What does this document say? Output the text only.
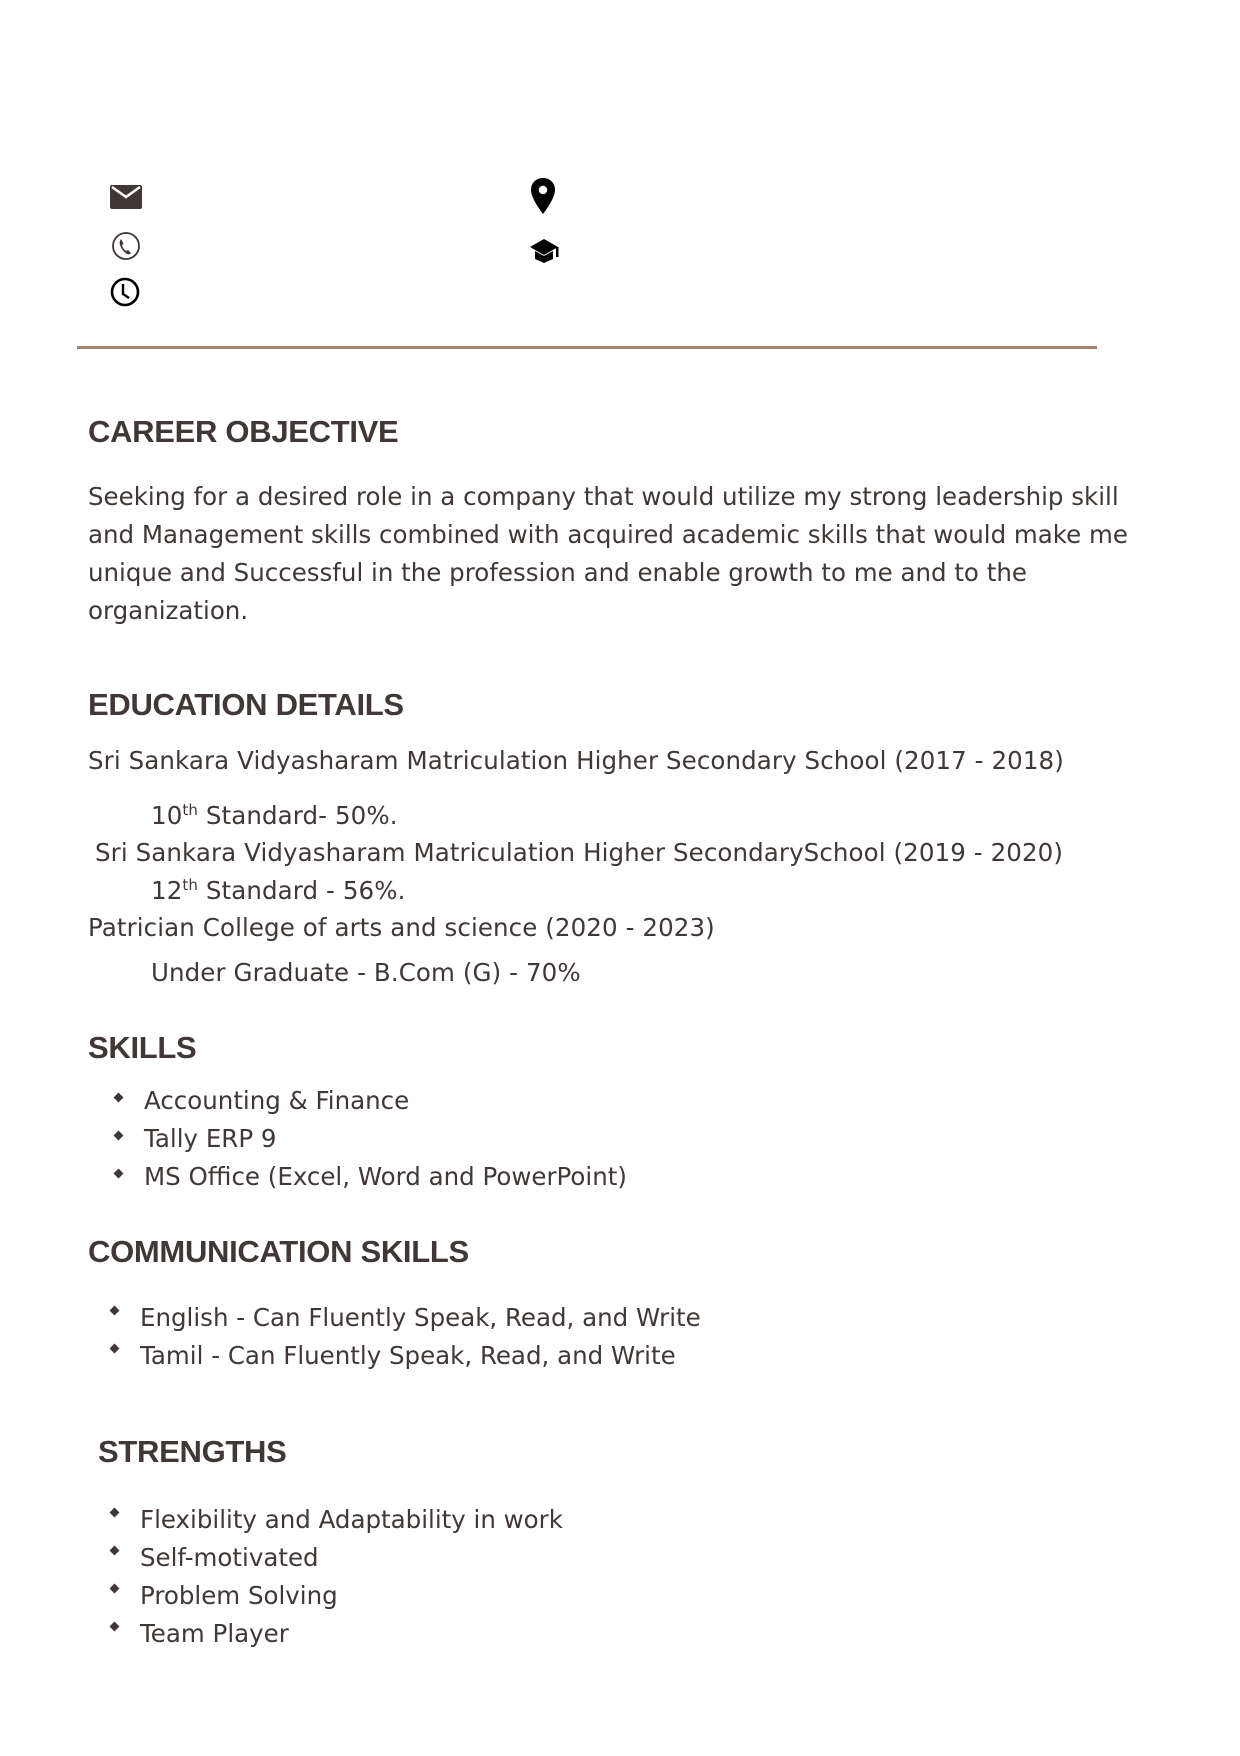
CAREER OBJECTIVE
Seeking for a desired role in a company that would utilize my strong leadership skill
and Management skills combined with acquired academic skills that would make me
unique and Successful in the profession and enable growth to me and to the
organization.
EDUCATION DETAILS
Sri Sankara Vidyasharam Matriculation Higher Secondary School (2017 - 2018)
10th Standard- 50%.
Sri Sankara Vidyasharam Matriculation Higher SecondarySchool (2019 - 2020)
12th Standard - 56%.
Patrician College of arts and science (2020 - 2023)
Under Graduate - B.Com (G) - 70%
SKILLS
Accounting & Finance
Tally ERP 9
MS Office (Excel, Word and PowerPoint)
COMMUNICATION SKILLS
English - Can Fluently Speak, Read, and Write
Tamil - Can Fluently Speak, Read, and Write
STRENGTHS
Flexibility and Adaptability in work
Self-motivated
Problem Solving
Team Player
